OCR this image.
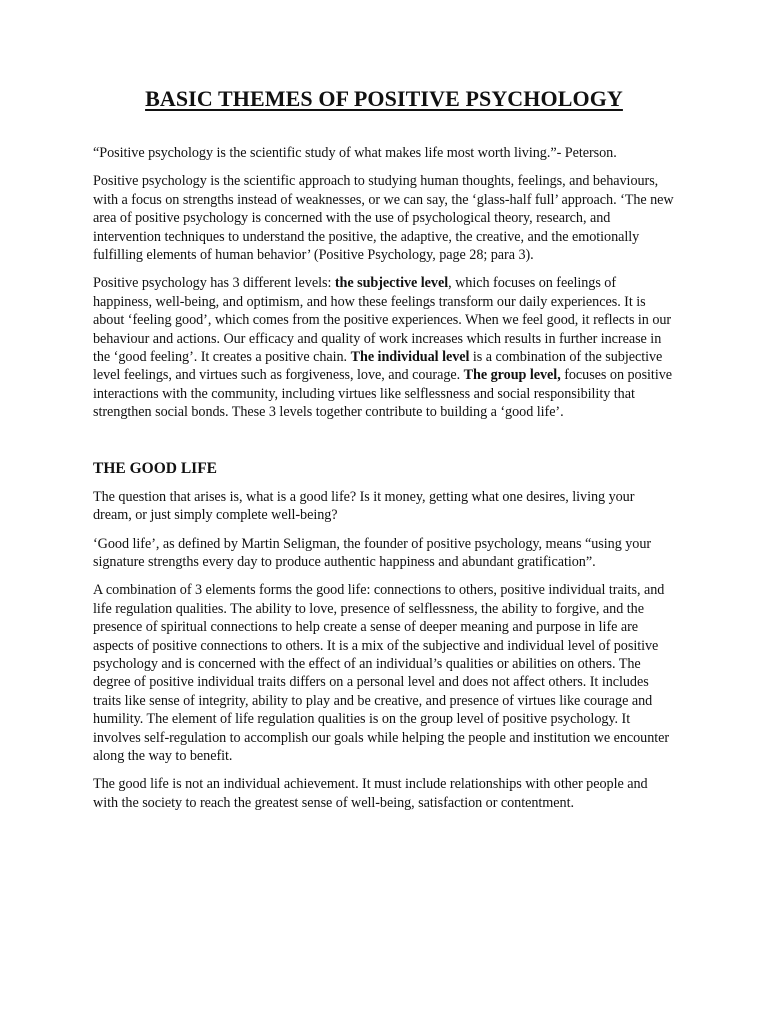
BASIC THEMES OF POSITIVE PSYCHOLOGY

“Positive psychology is the scientific study of what makes life most worth living.”- Peterson.

Positive psychology is the scientific approach to studying human thoughts, feelings, and behaviours, with a focus on strengths instead of weaknesses, or we can say, the ‘glass-half full’ approach. ‘The new area of positive psychology is concerned with the use of psychological theory, research, and intervention techniques to understand the positive, the adaptive, the creative, and the emotionally fulfilling elements of human behavior’ (Positive Psychology, page 28; para 3).

Positive psychology has 3 different levels: the subjective level, which focuses on feelings of happiness, well-being, and optimism, and how these feelings transform our daily experiences. It is about ‘feeling good’, which comes from the positive experiences. When we feel good, it reflects in our behaviour and actions. Our efficacy and quality of work increases which results in further increase in the ‘good feeling’. It creates a positive chain. The individual level is a combination of the subjective level feelings, and virtues such as forgiveness, love, and courage. The group level, focuses on positive interactions with the community, including virtues like selflessness and social responsibility that strengthen social bonds. These 3 levels together contribute to building a ‘good life’.

THE GOOD LIFE

The question that arises is, what is a good life? Is it money, getting what one desires, living your dream, or just simply complete well-being?

‘Good life’, as defined by Martin Seligman, the founder of positive psychology, means “using your signature strengths every day to produce authentic happiness and abundant gratification”.

A combination of 3 elements forms the good life: connections to others, positive individual traits, and life regulation qualities. The ability to love, presence of selflessness, the ability to forgive, and the presence of spiritual connections to help create a sense of deeper meaning and purpose in life are aspects of positive connections to others. It is a mix of the subjective and individual level of positive psychology and is concerned with the effect of an individual’s qualities or abilities on others. The degree of positive individual traits differs on a personal level and does not affect others. It includes traits like sense of integrity, ability to play and be creative, and presence of virtues like courage and humility. The element of life regulation qualities is on the group level of positive psychology. It involves self-regulation to accomplish our goals while helping the people and institution we encounter along the way to benefit.

The good life is not an individual achievement. It must include relationships with other people and with the society to reach the greatest sense of well-being, satisfaction or contentment.
